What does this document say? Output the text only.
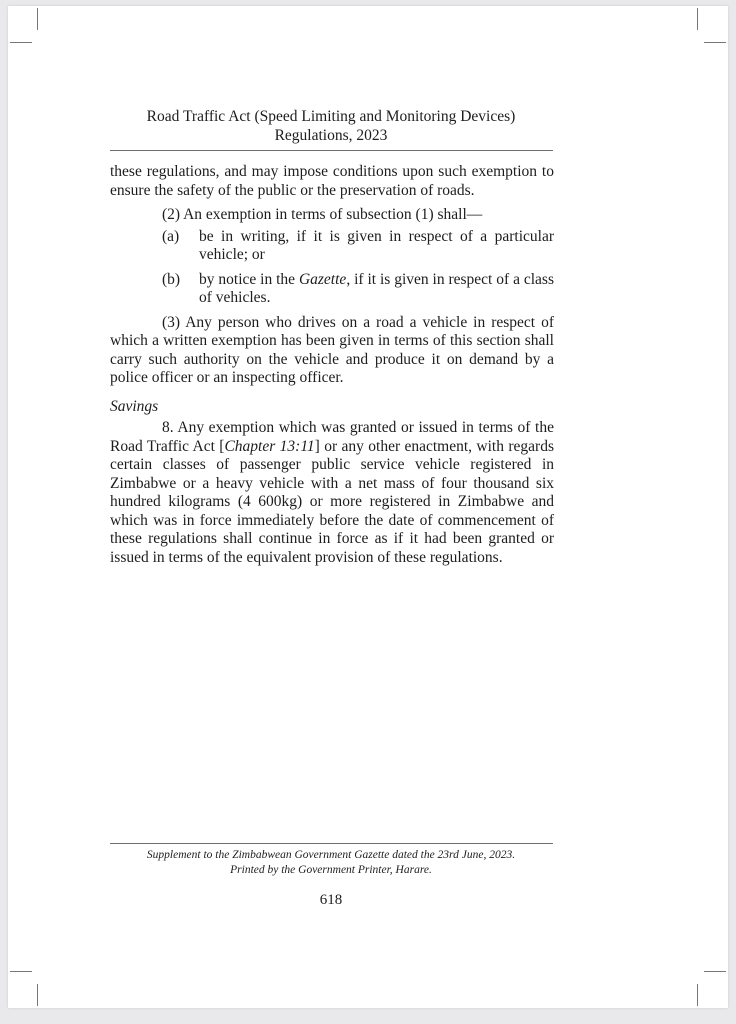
Road Traffic Act (Speed Limiting and Monitoring Devices)
Regulations, 2023

these regulations, and may impose conditions upon such exemption to ensure the safety of the public or the preservation of roads.

(2) An exemption in terms of subsection (1) shall—

(a)	be in writing, if it is given in respect of a particular vehicle; or
(b)	by notice in the Gazette, if it is given in respect of a class of vehicles.

(3) Any person who drives on a road a vehicle in respect of which a written exemption has been given in terms of this section shall carry such authority on the vehicle and produce it on demand by a police officer or an inspecting officer.

Savings

8. Any exemption which was granted or issued in terms of the Road Traffic Act [Chapter 13:11] or any other enactment, with regards certain classes of passenger public service vehicle registered in Zimbabwe or a heavy vehicle with a net mass of four thousand six hundred kilograms (4 600kg) or more registered in Zimbabwe and which was in force immediately before the date of commencement of these regulations shall continue in force as if it had been granted or issued in terms of the equivalent provision of these regulations.

Supplement to the Zimbabwean Government Gazette dated the 23rd June, 2023.
Printed by the Government Printer, Harare.
618
